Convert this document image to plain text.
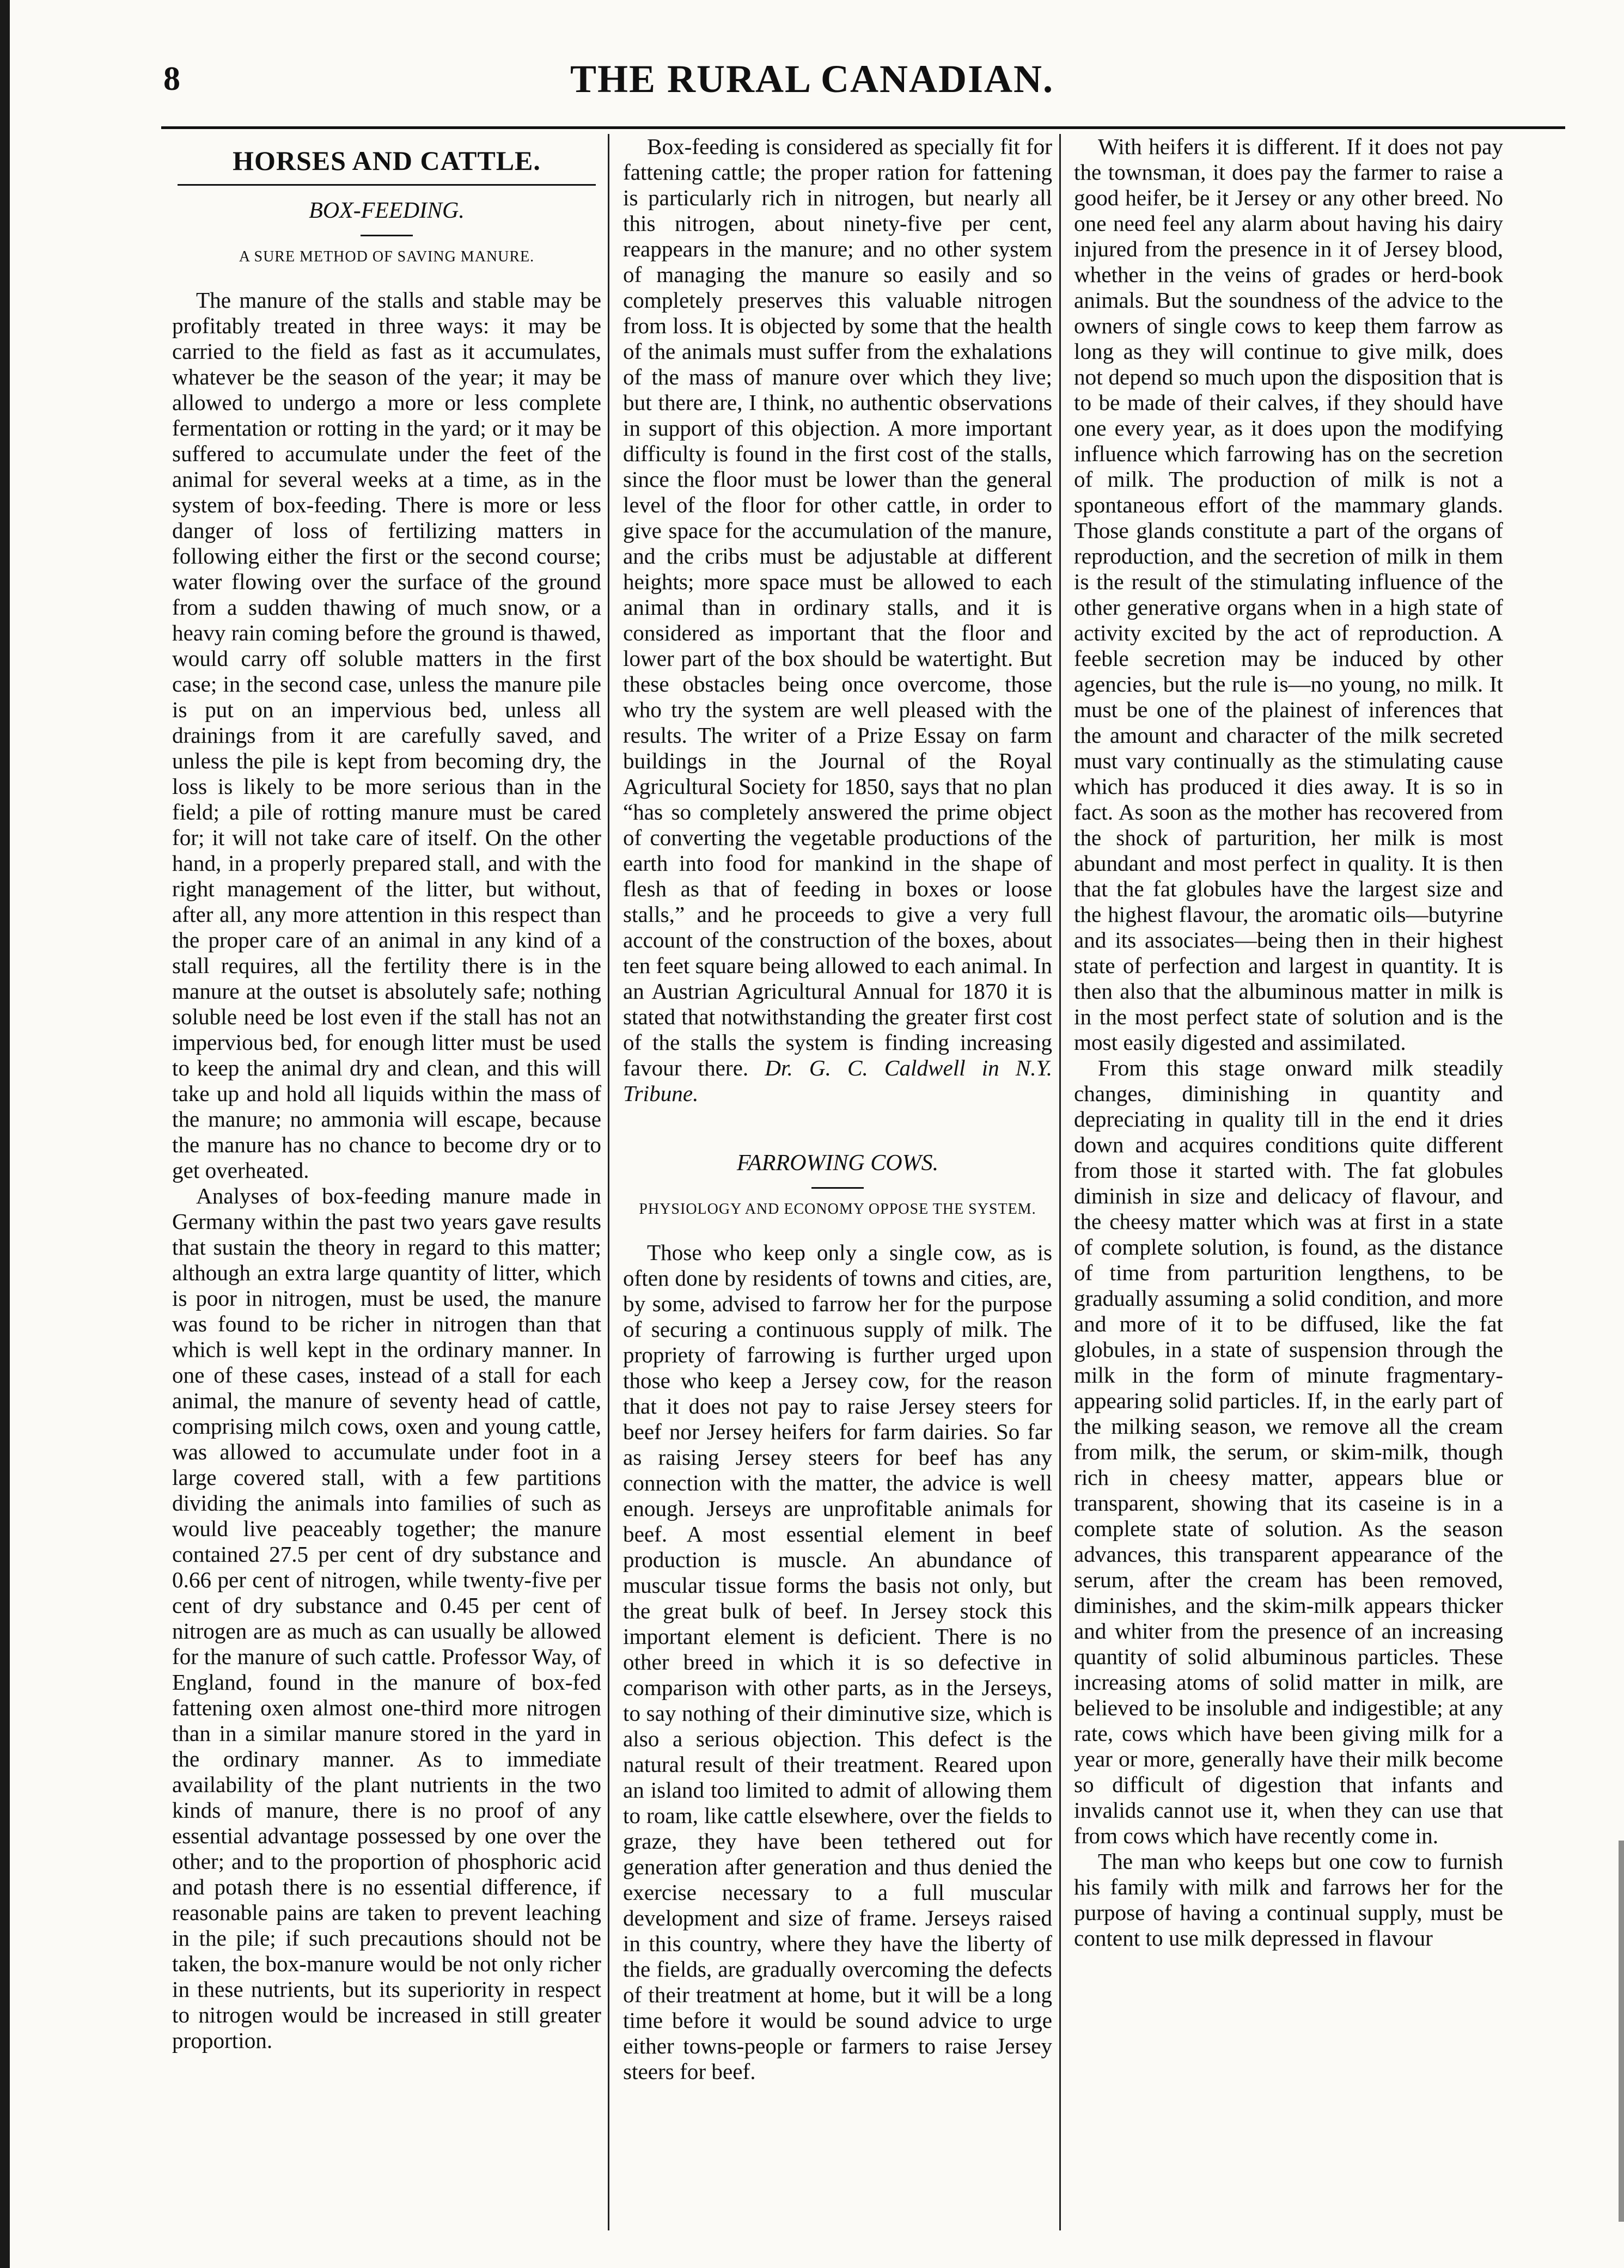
8	THE RURAL CANADIAN.
HORSES AND CATTLE.
BOX-FEEDING.
A SURE METHOD OF SAVING MANURE.

The manure of the stalls and stable may be profitably treated in three ways: it may be carried to the field as fast as it accumulates, whatever be the season of the year; it may be allowed to undergo a more or less complete fermentation or rotting in the yard; or it may be suffered to accumulate under the feet of the animal for several weeks at a time, as in the system of box-feeding. There is more or less danger of loss of fertilizing matters in following either the first or the second course; water flowing over the surface of the ground from a sudden thawing of much snow, or a heavy rain coming before the ground is thawed, would carry off soluble matters in the first case; in the second case, unless the manure pile is put on an impervious bed, unless all drainings from it are carefully saved, and unless the pile is kept from becoming dry, the loss is likely to be more serious than in the field; a pile of rotting manure must be cared for; it will not take care of itself. On the other hand, in a properly prepared stall, and with the right management of the litter, but without, after all, any more attention in this respect than the proper care of an animal in any kind of a stall requires, all the fertility there is in the manure at the outset is absolutely safe; nothing soluble need be lost even if the stall has not an impervious bed, for enough litter must be used to keep the animal dry and clean, and this will take up and hold all liquids within the mass of the manure; no ammonia will escape, because the manure has no chance to become dry or to get overheated.

Analyses of box-feeding manure made in Germany within the past two years gave results that sustain the theory in regard to this matter; although an extra large quantity of litter, which is poor in nitrogen, must be used, the manure was found to be richer in nitrogen than that which is well kept in the ordinary manner. In one of these cases, instead of a stall for each animal, the manure of seventy head of cattle, comprising milch cows, oxen and young cattle, was allowed to accumulate under foot in a large covered stall, with a few partitions dividing the animals into families of such as would live peaceably together; the manure contained 27.5 per cent of dry substance and 0.66 per cent of nitrogen, while twenty-five per cent of dry substance and 0.45 per cent of nitrogen are as much as can usually be allowed for the manure of such cattle. Professor Way, of England, found in the manure of box-fed fattening oxen almost one-third more nitrogen than in a similar manure stored in the yard in the ordinary manner. As to immediate availability of the plant nutrients in the two kinds of manure, there is no proof of any essential advantage possessed by one over the other; and to the proportion of phosphoric acid and potash there is no essential difference, if reasonable pains are taken to prevent leaching in the pile; if such precautions should not be taken, the box-manure would be not only richer in these nutrients, but its superiority in respect to nitrogen would be increased in still greater proportion.

Box-feeding is considered as specially fit for fattening cattle; the proper ration for fattening is particularly rich in nitrogen, but nearly all this nitrogen, about ninety-five per cent, reappears in the manure; and no other system of managing the manure so easily and so completely preserves this valuable nitrogen from loss. It is objected by some that the health of the animals must suffer from the exhalations of the mass of manure over which they live; but there are, I think, no authentic observations in support of this objection. A more important difficulty is found in the first cost of the stalls, since the floor must be lower than the general level of the floor for other cattle, in order to give space for the accumulation of the manure, and the cribs must be adjustable at different heights; more space must be allowed to each animal than in ordinary stalls, and it is considered as important that the floor and lower part of the box should be watertight. But these obstacles being once overcome, those who try the system are well pleased with the results. The writer of a Prize Essay on farm buildings in the Journal of the Royal Agricultural Society for 1850, says that no plan “has so completely answered the prime object of converting the vegetable productions of the earth into food for mankind in the shape of flesh as that of feeding in boxes or loose stalls,” and he proceeds to give a very full account of the construction of the boxes, about ten feet square being allowed to each animal. In an Austrian Agricultural Annual for 1870 it is stated that notwithstanding the greater first cost of the stalls the system is finding increasing favour there. Dr. G. C. Caldwell in N.Y. Tribune.

FARROWING COWS.
PHYSIOLOGY AND ECONOMY OPPOSE THE SYSTEM.

Those who keep only a single cow, as is often done by residents of towns and cities, are, by some, advised to farrow her for the purpose of securing a continuous supply of milk. The propriety of farrowing is further urged upon those who keep a Jersey cow, for the reason that it does not pay to raise Jersey steers for beef nor Jersey heifers for farm dairies. So far as raising Jersey steers for beef has any connection with the matter, the advice is well enough. Jerseys are unprofitable animals for beef. A most essential element in beef production is muscle. An abundance of muscular tissue forms the basis not only, but the great bulk of beef. In Jersey stock this important element is deficient. There is no other breed in which it is so defective in comparison with other parts, as in the Jerseys, to say nothing of their diminutive size, which is also a serious objection. This defect is the natural result of their treatment. Reared upon an island too limited to admit of allowing them to roam, like cattle elsewhere, over the fields to graze, they have been tethered out for generation after generation and thus denied the exercise necessary to a full muscular development and size of frame. Jerseys raised in this country, where they have the liberty of the fields, are gradually overcoming the defects of their treatment at home, but it will be a long time before it would be sound advice to urge either towns-people or farmers to raise Jersey steers for beef.

With heifers it is different. If it does not pay the townsman, it does pay the farmer to raise a good heifer, be it Jersey or any other breed. No one need feel any alarm about having his dairy injured from the presence in it of Jersey blood, whether in the veins of grades or herd-book animals. But the soundness of the advice to the owners of single cows to keep them farrow as long as they will continue to give milk, does not depend so much upon the disposition that is to be made of their calves, if they should have one every year, as it does upon the modifying influence which farrowing has on the secretion of milk. The production of milk is not a spontaneous effort of the mammary glands. Those glands constitute a part of the organs of reproduction, and the secretion of milk in them is the result of the stimulating influence of the other generative organs when in a high state of activity excited by the act of reproduction. A feeble secretion may be induced by other agencies, but the rule is—no young, no milk. It must be one of the plainest of inferences that the amount and character of the milk secreted must vary continually as the stimulating cause which has produced it dies away. It is so in fact. As soon as the mother has recovered from the shock of parturition, her milk is most abundant and most perfect in quality. It is then that the fat globules have the largest size and the highest flavour, the aromatic oils—butyrine and its associates—being then in their highest state of perfection and largest in quantity. It is then also that the albuminous matter in milk is in the most perfect state of solution and is the most easily digested and assimilated.

From this stage onward milk steadily changes, diminishing in quantity and depreciating in quality till in the end it dries down and acquires conditions quite different from those it started with. The fat globules diminish in size and delicacy of flavour, and the cheesy matter which was at first in a state of complete solution, is found, as the distance of time from parturition lengthens, to be gradually assuming a solid condition, and more and more of it to be diffused, like the fat globules, in a state of suspension through the milk in the form of minute fragmentary-appearing solid particles. If, in the early part of the milking season, we remove all the cream from milk, the serum, or skim-milk, though rich in cheesy matter, appears blue or transparent, showing that its caseine is in a complete state of solution. As the season advances, this transparent appearance of the serum, after the cream has been removed, diminishes, and the skim-milk appears thicker and whiter from the presence of an increasing quantity of solid albuminous particles. These increasing atoms of solid matter in milk, are believed to be insoluble and indigestible; at any rate, cows which have been giving milk for a year or more, generally have their milk become so difficult of digestion that infants and invalids cannot use it, when they can use that from cows which have recently come in.

The man who keeps but one cow to furnish his family with milk and farrows her for the purpose of having a continual supply, must be content to use milk depressed in flavour
